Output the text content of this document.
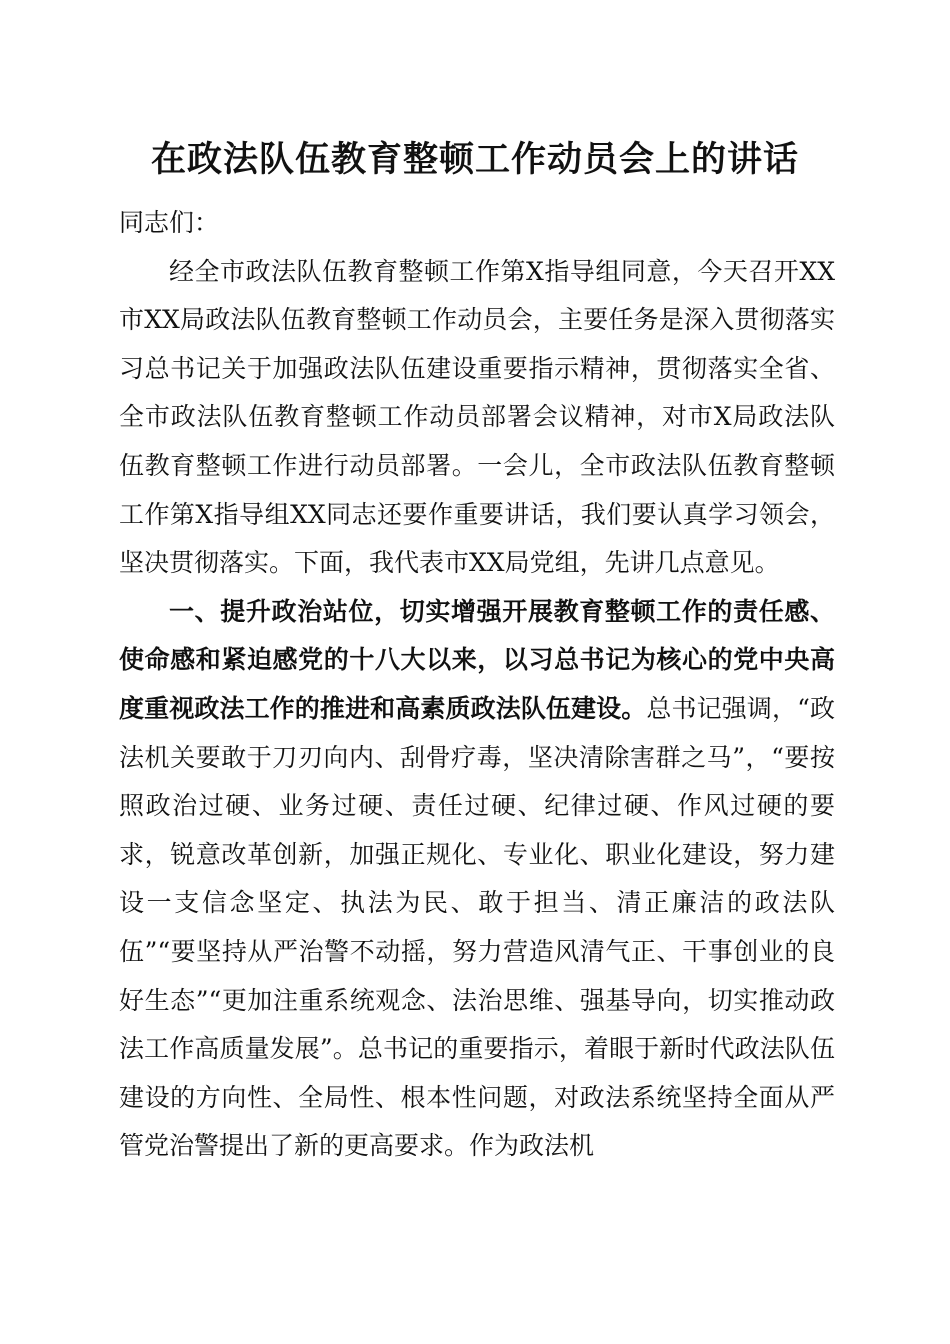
在政法队伍教育整顿工作动员会上的讲话

同志们：

经全市政法队伍教育整顿工作第X指导组同意，今天召开XX市XX局政法队伍教育整顿工作动员会，主要任务是深入贯彻落实习总书记关于加强政法队伍建设重要指示精神，贯彻落实全省、全市政法队伍教育整顿工作动员部署会议精神，对市X局政法队伍教育整顿工作进行动员部署。一会儿，全市政法队伍教育整顿工作第X指导组XX同志还要作重要讲话，我们要认真学习领会，坚决贯彻落实。下面，我代表市XX局党组，先讲几点意见。

一、提升政治站位，切实增强开展教育整顿工作的责任感、使命感和紧迫感党的十八大以来，以习总书记为核心的党中央高度重视政法工作的推进和高素质政法队伍建设。总书记强调，“政法机关要敢于刀刃向内、刮骨疗毒，坚决清除害群之马”，“要按照政治过硬、业务过硬、责任过硬、纪律过硬、作风过硬的要求，锐意改革创新，加强正规化、专业化、职业化建设，努力建设一支信念坚定、执法为民、敢于担当、清正廉洁的政法队伍”“要坚持从严治警不动摇，努力营造风清气正、干事创业的良好生态”“更加注重系统观念、法治思维、强基导向，切实推动政法工作高质量发展”。总书记的重要指示，着眼于新时代政法队伍建设的方向性、全局性、根本性问题，对政法系统坚持全面从严管党治警提出了新的更高要求。作为政法机
